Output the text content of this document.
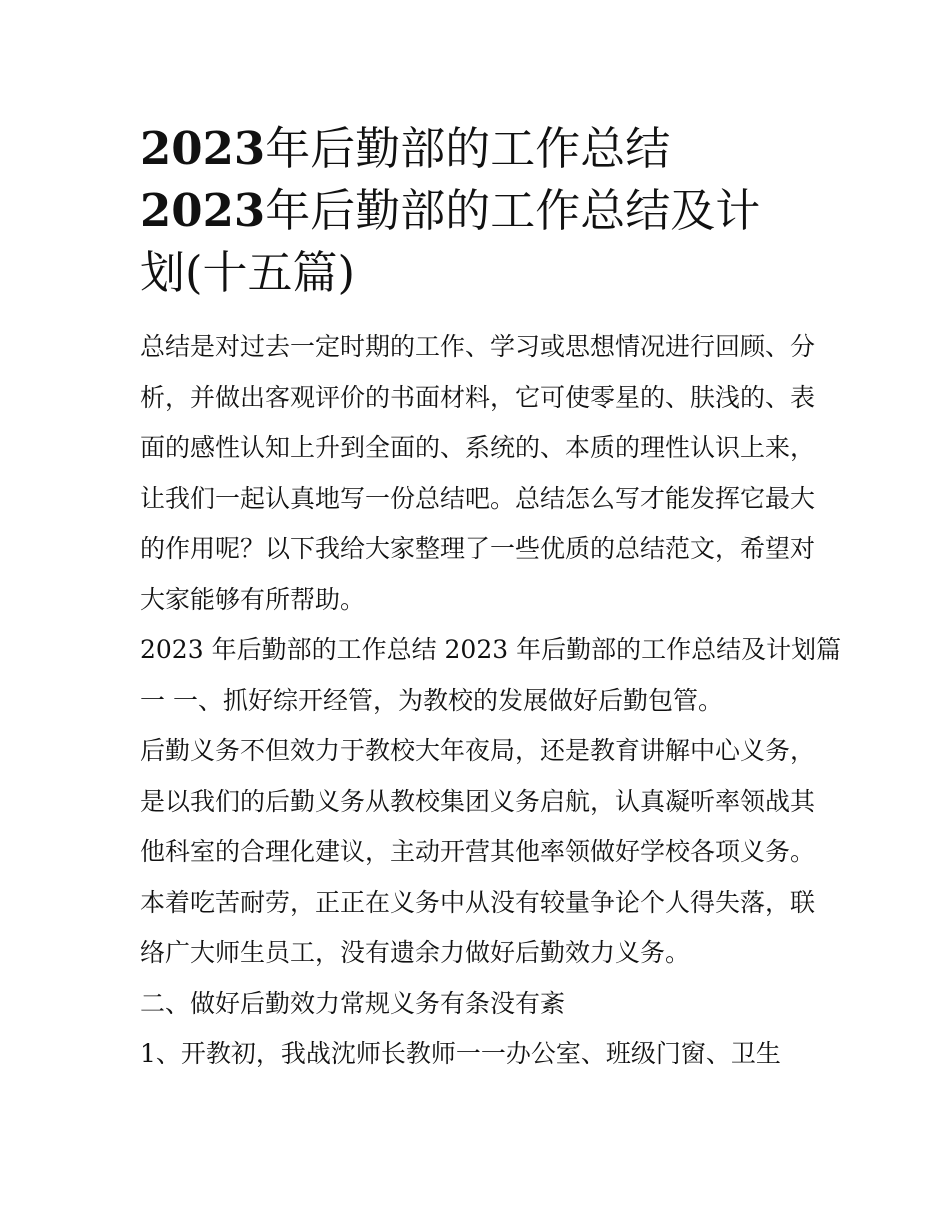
2023年后勤部的工作总结
2023年后勤部的工作总结及计
划(十五篇)
总结是对过去一定时期的工作、学习或思想情况进行回顾、分
析，并做出客观评价的书面材料，它可使零星的、肤浅的、表
面的感性认知上升到全面的、系统的、本质的理性认识上来，
让我们一起认真地写一份总结吧。总结怎么写才能发挥它最大
的作用呢？以下我给大家整理了一些优质的总结范文，希望对
大家能够有所帮助。
2023 年后勤部的工作总结 2023 年后勤部的工作总结及计划篇
一 一、抓好综开经管，为教校的发展做好后勤包管。
后勤义务不但效力于教校大年夜局，还是教育讲解中心义务，
是以我们的后勤义务从教校集团义务启航，认真凝听率领战其
他科室的合理化建议，主动开营其他率领做好学校各项义务。
本着吃苦耐劳，正正在义务中从没有较量争论个人得失落，联
络广大师生员工，没有遗余力做好后勤效力义务。
二、做好后勤效力常规义务有条没有紊
1、开教初，我战沈师长教师一一办公室、班级门窗、卫生
